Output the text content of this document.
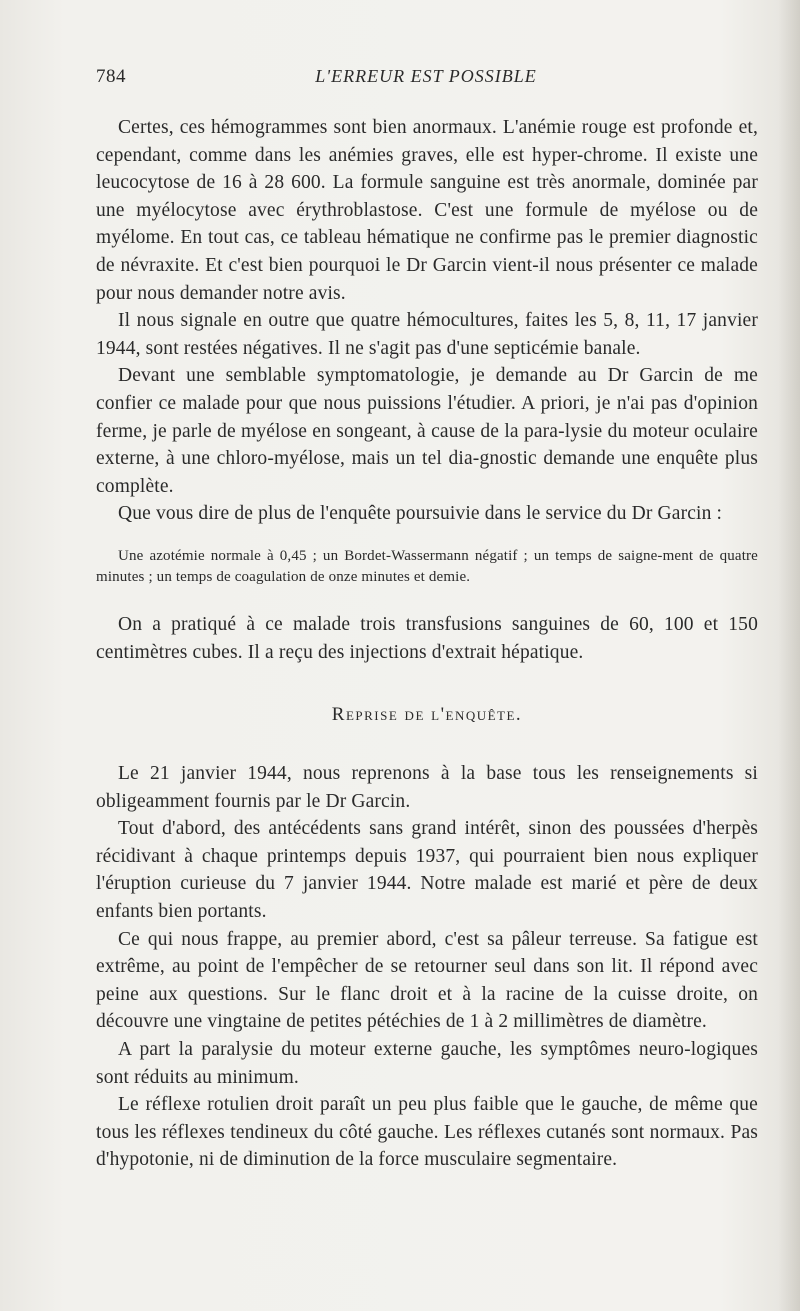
784	L'ERREUR EST POSSIBLE

Certes, ces hémogrammes sont bien anormaux. L'anémie rouge est profonde et, cependant, comme dans les anémies graves, elle est hyper-chrome. Il existe une leucocytose de 16 à 28 600. La formule sanguine est très anormale, dominée par une myélocytose avec érythroblastose. C'est une formule de myélose ou de myélome. En tout cas, ce tableau hématique ne confirme pas le premier diagnostic de névraxite. Et c'est bien pourquoi le Dr Garcin vient-il nous présenter ce malade pour nous demander notre avis.

Il nous signale en outre que quatre hémocultures, faites les 5, 8, 11, 17 janvier 1944, sont restées négatives. Il ne s'agit pas d'une septicémie banale.

Devant une semblable symptomatologie, je demande au Dr Garcin de me confier ce malade pour que nous puissions l'étudier. A priori, je n'ai pas d'opinion ferme, je parle de myélose en songeant, à cause de la para-lysie du moteur oculaire externe, à une chloro-myélose, mais un tel dia-gnostic demande une enquête plus complète.

Que vous dire de plus de l'enquête poursuivie dans le service du Dr Garcin :

Une azotémie normale à 0,45 ; un Bordet-Wassermann négatif ; un temps de saigne-ment de quatre minutes ; un temps de coagulation de onze minutes et demie.

On a pratiqué à ce malade trois transfusions sanguines de 60, 100 et 150 centimètres cubes. Il a reçu des injections d'extrait hépatique.

Reprise de l'enquête.

Le 21 janvier 1944, nous reprenons à la base tous les renseignements si obligeamment fournis par le Dr Garcin.

Tout d'abord, des antécédents sans grand intérêt, sinon des poussées d'herpès récidivant à chaque printemps depuis 1937, qui pourraient bien nous expliquer l'éruption curieuse du 7 janvier 1944. Notre malade est marié et père de deux enfants bien portants.

Ce qui nous frappe, au premier abord, c'est sa pâleur terreuse. Sa fatigue est extrême, au point de l'empêcher de se retourner seul dans son lit. Il répond avec peine aux questions. Sur le flanc droit et à la racine de la cuisse droite, on découvre une vingtaine de petites pétéchies de 1 à 2 millimètres de diamètre.

A part la paralysie du moteur externe gauche, les symptômes neuro-logiques sont réduits au minimum.

Le réflexe rotulien droit paraît un peu plus faible que le gauche, de même que tous les réflexes tendineux du côté gauche. Les réflexes cutanés sont normaux. Pas d'hypotonie, ni de diminution de la force musculaire segmentaire.
